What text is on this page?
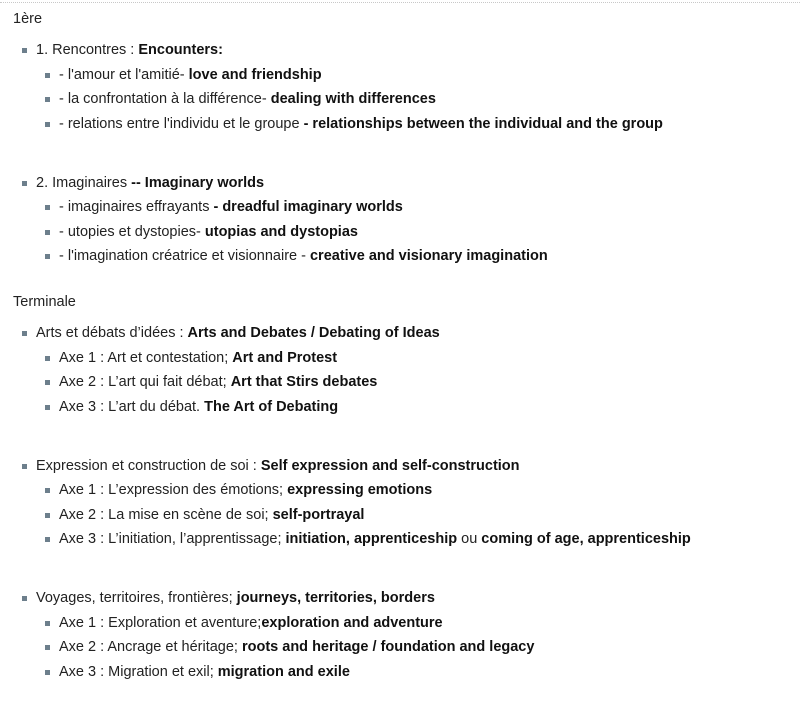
1ère
1. Rencontres : Encounters:
- l'amour et l'amitié- love and friendship
- la confrontation à la différence- dealing with differences
- relations entre l'individu et le groupe - relationships between the individual and the group
2. Imaginaires -- Imaginary worlds
- imaginaires effrayants - dreadful imaginary worlds
- utopies et dystopies- utopias and dystopias
- l'imagination créatrice et visionnaire - creative and visionary imagination
Terminale
Arts et débats d’idées : Arts and Debates / Debating of Ideas
Axe 1 : Art et contestation; Art and Protest
Axe 2 : L’art qui fait débat; Art that Stirs debates
Axe 3 : L’art du débat. The Art of Debating
Expression et construction de soi : Self expression and self-construction
Axe 1 : L’expression des émotions; expressing emotions
Axe 2 : La mise en scène de soi; self-portrayal
Axe 3 : L’initiation, l’apprentissage; initiation, apprenticeship ou coming of age, apprenticeship
Voyages, territoires, frontières; journeys, territories, borders
Axe 1 : Exploration et aventure;exploration and adventure
Axe 2 : Ancrage et héritage; roots and heritage / foundation and legacy
Axe 3 : Migration et exil; migration and exile
